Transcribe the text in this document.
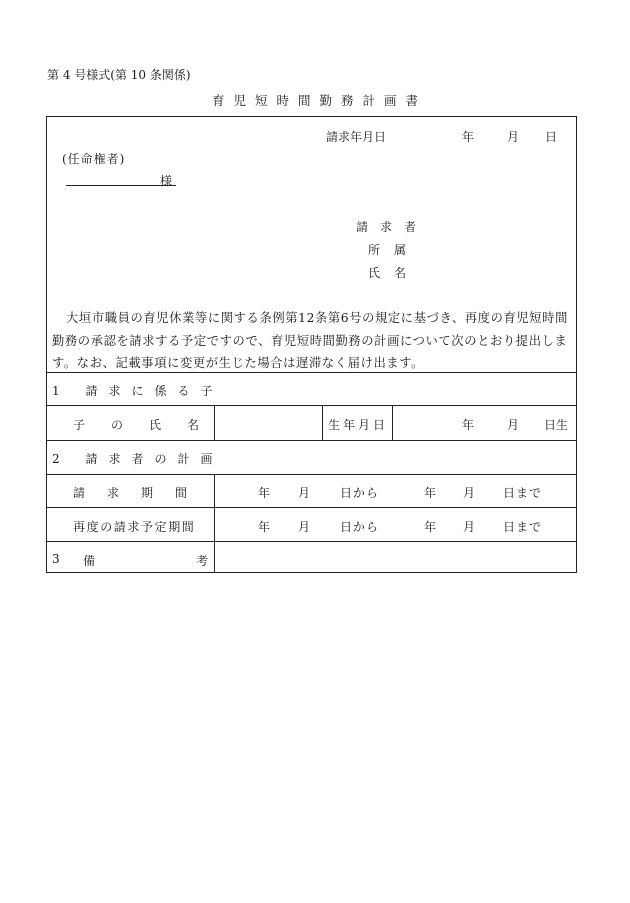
第 4 号様式(第 10 条関係)
育児短時間勤務計画書
請求年月日	年	月 日
(任命権者)
様
請求者
所属
氏名
大垣市職員の育児休業等に関する条例第12条第6号の規定に基づき、再度の育児短時間勤務の承認を請求する予定ですので、育児短時間勤務の計画について次のとおり提出します。なお、記載事項に変更が生じた場合は遅滞なく届け出ます。
1 請求に係る子
子の氏名	生年月日	年	月 日生
2 請求者の計画
請求期間	年 月 日から	年 月 日まで
再度の請求予定期間	年 月 日から	年 月 日まで
3 備	考
